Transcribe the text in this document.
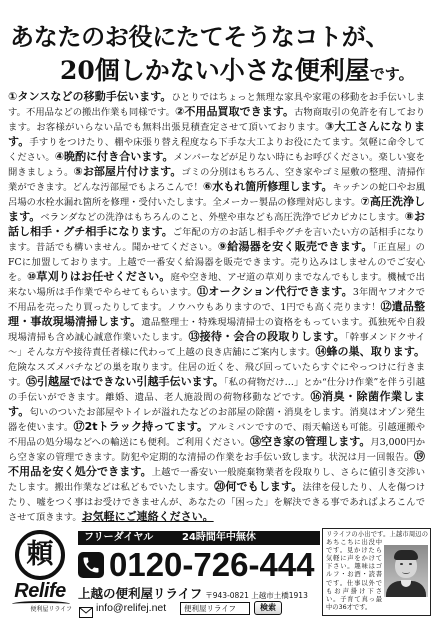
あなたのお役にたてそうなコトが、
20個しかない小さな便利屋です。
①タンスなどの移動手伝います。ひとりではちょっと無理な家具や家電の移動をお手伝いします。不用品などの搬出作業も同様です。②不用品買取できます。古物商取引の免許を有しております。お客様がいらない品でも無料出張見積査定させて頂いております。③大工さんになります。手すりをつけたり、棚や床張り替え程度なら下手な大工よりお役にたてます。気軽に命令してください。④晩酌に付き合います。メンバーなどが足りない時にもお呼びください。楽しい宴を開きましょう。⑤お部屋片付けます。ゴミの分別はもちろん、空き家やゴミ屋敷の整理、清掃作業ができます。どんな汚部屋でもよろこんで！⑥水もれ箇所修理します。キッチンの蛇口やお風呂場の水栓水漏れ箇所を修理・受付いたします。全メーカー製品の修理対応します。⑦高圧洗浄します。ベランダなどの洗浄はもちろんのこと、外壁や車なども高圧洗浄でピカピカにします。⑧お話し相手・グチ相手になります。ご年配の方のお話し相手やグチを言いたい方の話相手になります。昔話でも構いません。聞かせてください。⑨給湯器を安く販売できます。「正直屋」のFCに加盟しております。上越で一番安く給湯器を販売できます。売り込みはしませんのでご安心を。⑩草刈りはお任せください。庭や空き地、アゼ道の草刈りまでなんでもします。機械で出来ない場所は手作業でやらせてもらいます。⑪オークション代行できます。3年間ヤフオクで不用品を売ったり買ったりしてます。ノウハウもありますので、1円でも高く売ります！⑫遺品整理・事故現場清掃します。遺品整理士・特殊現場清掃士の資格をもっています。孤独死や自殺現場清掃も含め誠心誠意作業いたします。⑬接待・会合の段取りします。「幹事メンドクサイ～」そんな方や接待責任者様に代わって上越の良き店舗にご案内します。⑭蜂の巣、取ります。危険なスズメバチなどの巣を取ります。住居の近くを、飛び回っていたらすぐにやっつけに行きます。⑮引越屋ではできない引越手伝います。「私の荷物だけ…」とか“仕分け作業”を伴う引越の手伝いができます。離婚、遺品、老人施設間の荷物移動などです。⑯消臭・除菌作業します。匂いのついたお部屋やトイレが溢れたなどのお部屋の除菌・消臭をします。消臭はオゾン発生器を使います。⑰2tトラック持ってます。アルミバンですので、雨天輸送も可能。引越運搬や不用品の処分場などへの輸送にも便利。ご利用ください。⑱空き家の管理します。月3,000円から空き家の管理できます。防犯や定期的な清掃の作業をお手伝い致します。状況は月一回報告。⑲不用品を安く処分できます。上越で一番安い一般廃棄物業者を段取りし、さらに値引き交渉いたします。搬出作業などは私どもでいたします。⑳何でもします。法律を侵したり、人を傷つけたり、嘘をつく事はお受けできませんが、あなたの「困った」を解決できる事であればよろこんでさせて頂きます。お気軽にご連絡ください。
頼
Relife
便利屋リライフ
フリーダイヤル	24時間年中無休
0120-726-444
上越の便利屋リライフ 〒943-0821 上越市土橋1913
info@relifej.net	便利屋リライフ	検索
リライフの小出です。上越市周辺のあちこちに出没中です。見かけたら気軽に声をかけて下さい。趣味はゴルフ・お酒・読書です。仕事以外でもお声掛け下さい。子育て真っ最中の36才です。
